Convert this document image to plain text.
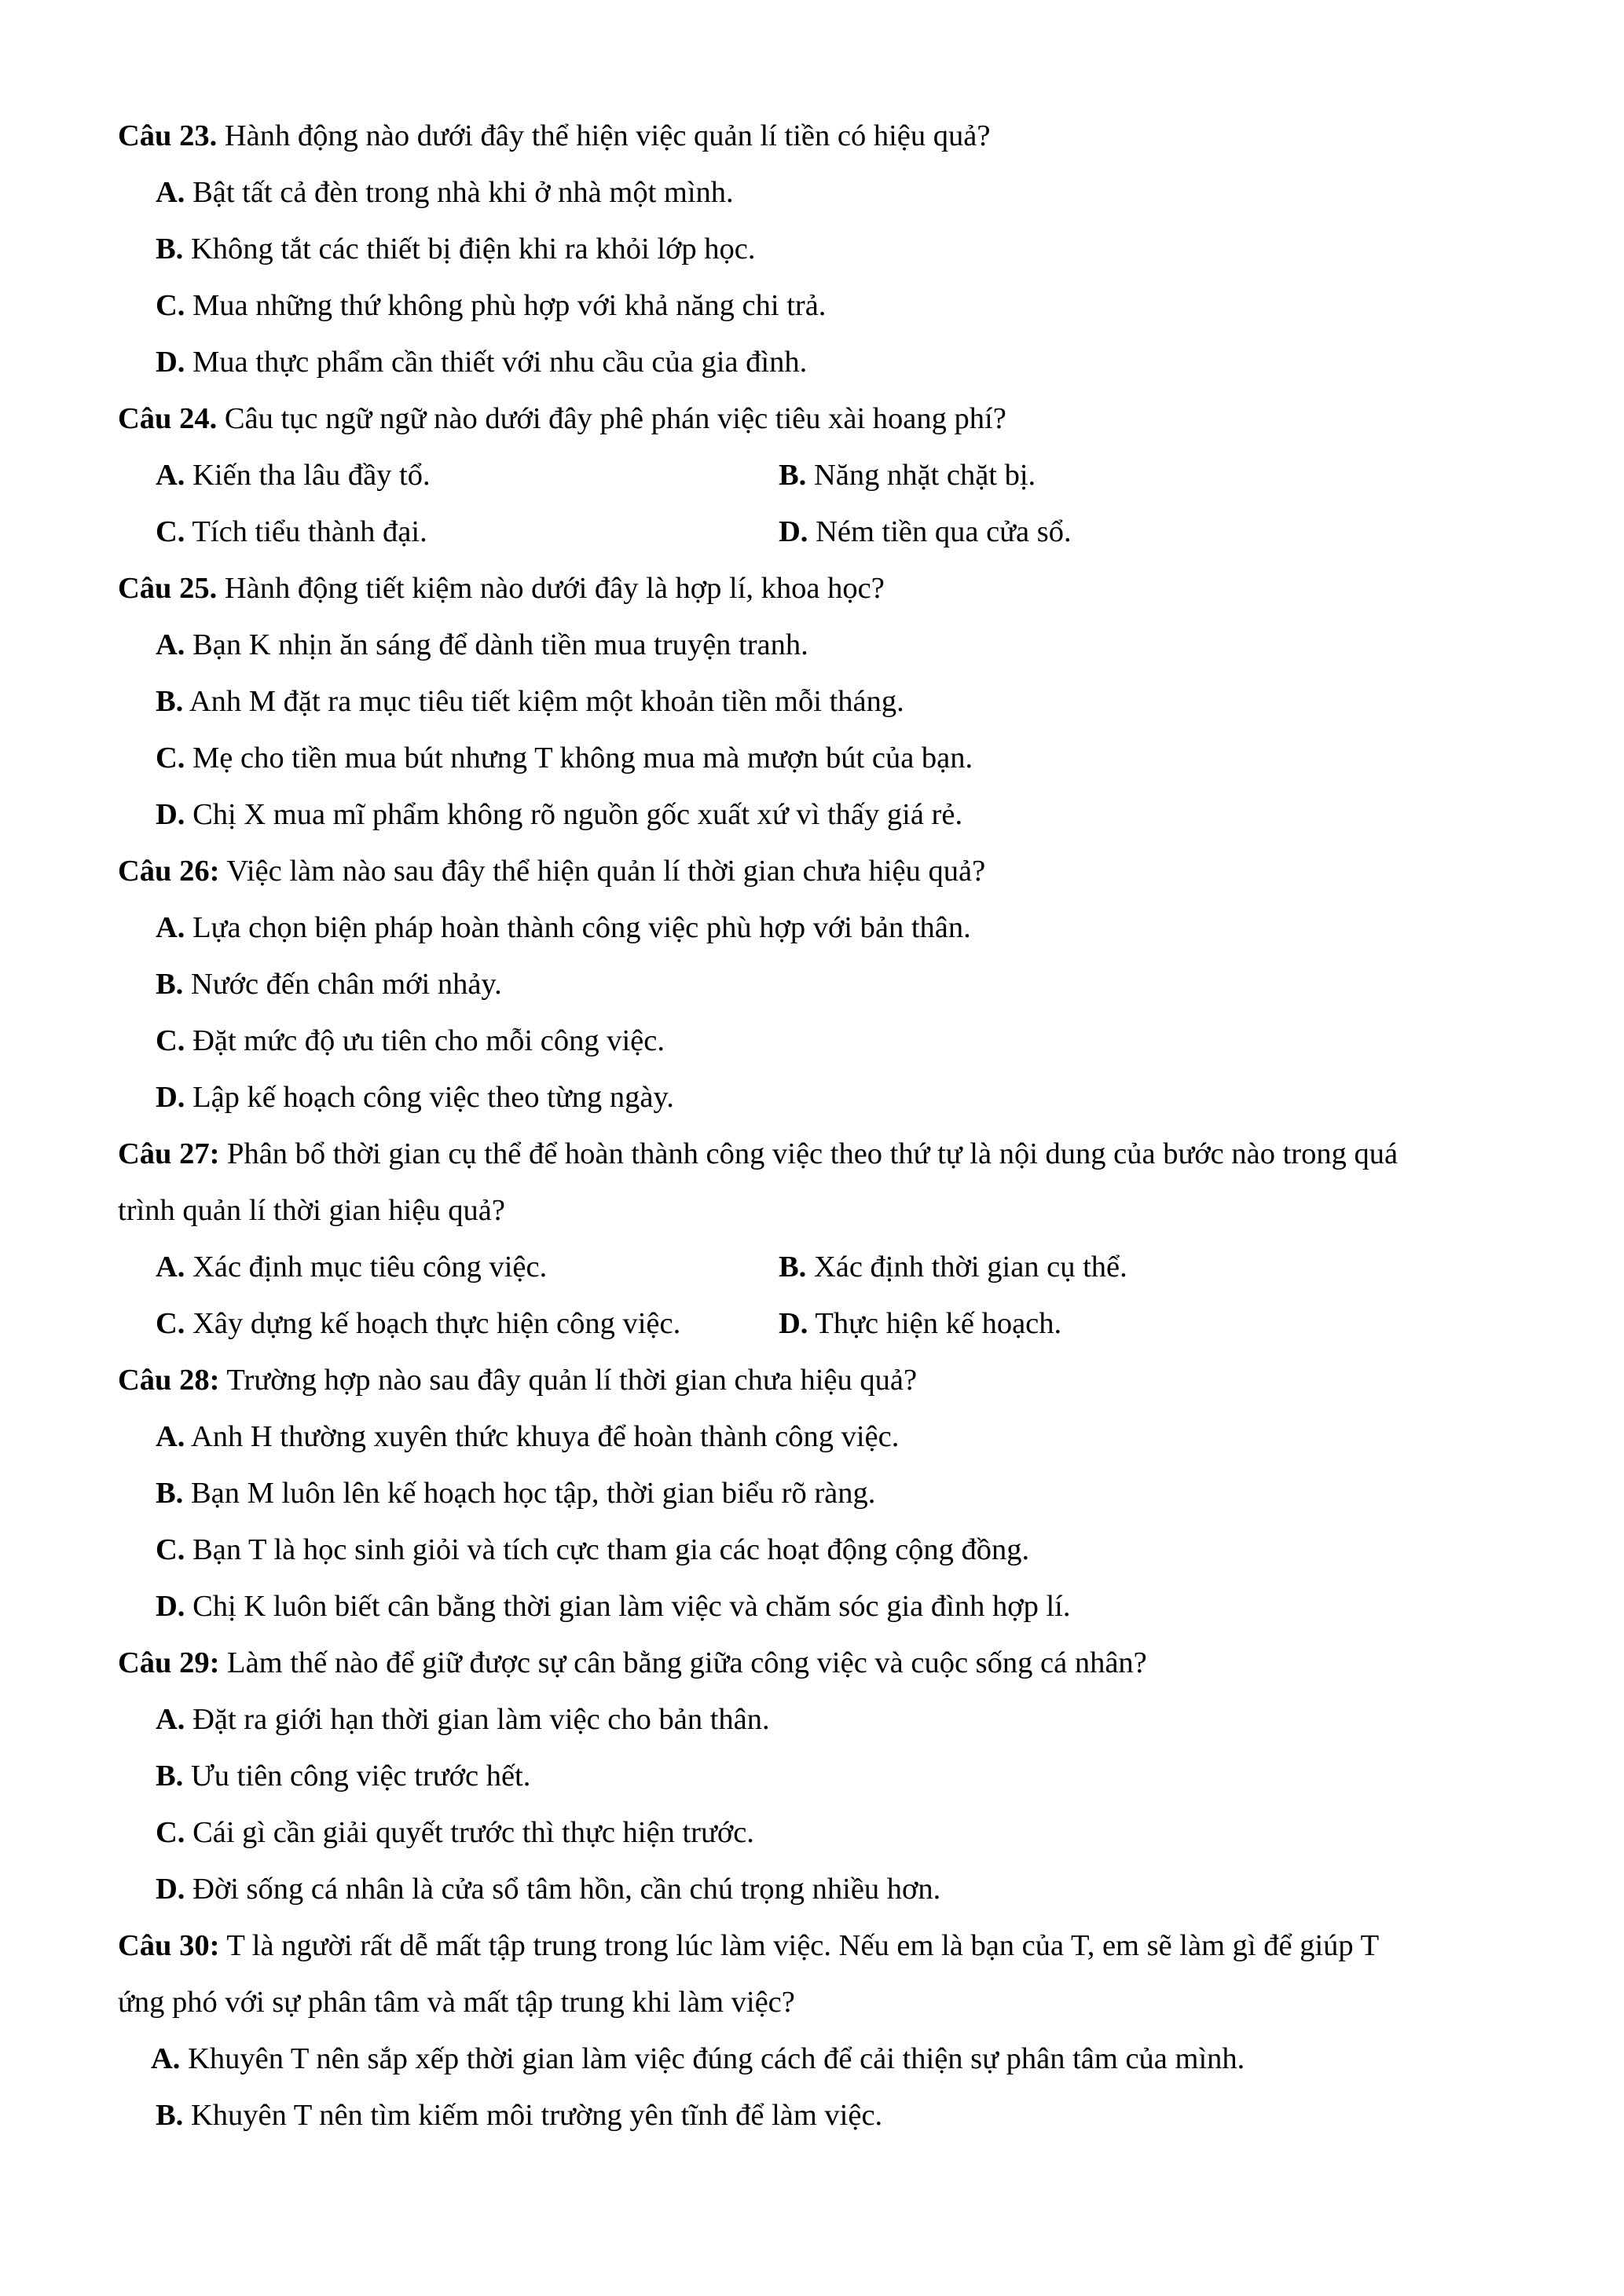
Câu 23. Hành động nào dưới đây thể hiện việc quản lí tiền có hiệu quả?
A. Bật tất cả đèn trong nhà khi ở nhà một mình.
B. Không tắt các thiết bị điện khi ra khỏi lớp học.
C. Mua những thứ không phù hợp với khả năng chi trả.
D. Mua thực phẩm cần thiết với nhu cầu của gia đình.
Câu 24. Câu tục ngữ ngữ nào dưới đây phê phán việc tiêu xài hoang phí?
A. Kiến tha lâu đầy tổ.	B. Năng nhặt chặt bị.
C. Tích tiểu thành đại.	D. Ném tiền qua cửa sổ.
Câu 25. Hành động tiết kiệm nào dưới đây là hợp lí, khoa học?
A. Bạn K nhịn ăn sáng để dành tiền mua truyện tranh.
B. Anh M đặt ra mục tiêu tiết kiệm một khoản tiền mỗi tháng.
C. Mẹ cho tiền mua bút nhưng T không mua mà mượn bút của bạn.
D. Chị X mua mĩ phẩm không rõ nguồn gốc xuất xứ vì thấy giá rẻ.
Câu 26: Việc làm nào sau đây thể hiện quản lí thời gian chưa hiệu quả?
A. Lựa chọn biện pháp hoàn thành công việc phù hợp với bản thân.
B. Nước đến chân mới nhảy.
C. Đặt mức độ ưu tiên cho mỗi công việc.
D. Lập kế hoạch công việc theo từng ngày.
Câu 27: Phân bổ thời gian cụ thể để hoàn thành công việc theo thứ tự là nội dung của bước nào trong quá
trình quản lí thời gian hiệu quả?
A. Xác định mục tiêu công việc.	B. Xác định thời gian cụ thể.
C. Xây dựng kế hoạch thực hiện công việc.	D. Thực hiện kế hoạch.
Câu 28: Trường hợp nào sau đây quản lí thời gian chưa hiệu quả?
A. Anh H thường xuyên thức khuya để hoàn thành công việc.
B. Bạn M luôn lên kế hoạch học tập, thời gian biểu rõ ràng.
C. Bạn T là học sinh giỏi và tích cực tham gia các hoạt động cộng đồng.
D. Chị K luôn biết cân bằng thời gian làm việc và chăm sóc gia đình hợp lí.
Câu 29: Làm thế nào để giữ được sự cân bằng giữa công việc và cuộc sống cá nhân?
A. Đặt ra giới hạn thời gian làm việc cho bản thân.
B. Ưu tiên công việc trước hết.
C. Cái gì cần giải quyết trước thì thực hiện trước.
D. Đời sống cá nhân là cửa sổ tâm hồn, cần chú trọng nhiều hơn.
Câu 30: T là người rất dễ mất tập trung trong lúc làm việc. Nếu em là bạn của T, em sẽ làm gì để giúp T
ứng phó với sự phân tâm và mất tập trung khi làm việc?
A. Khuyên T nên sắp xếp thời gian làm việc đúng cách để cải thiện sự phân tâm của mình.
B. Khuyên T nên tìm kiếm môi trường yên tĩnh để làm việc.
